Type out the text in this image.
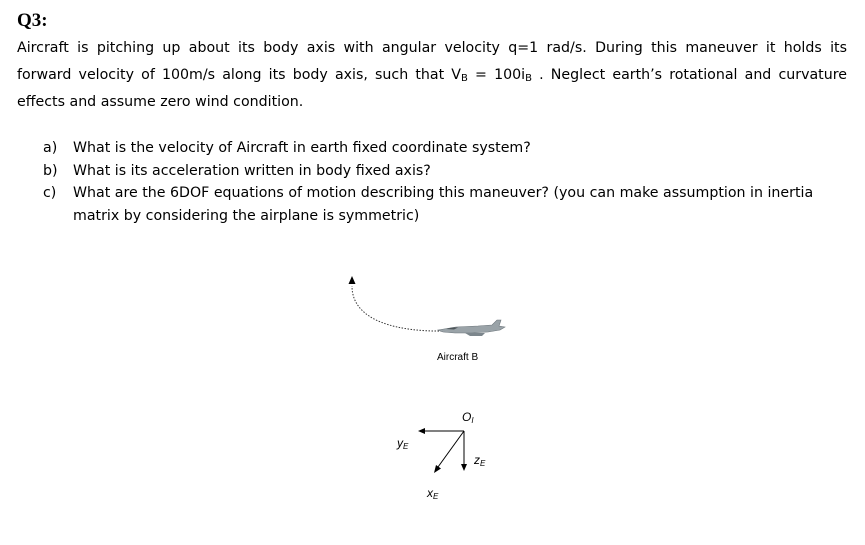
Q3:

Aircraft is pitching up about its body axis with angular velocity q=1 rad/s. During this maneuver it holds its

forward velocity of 100m/s along its body axis, such that $V_B = 100i_B$ . Neglect earth’s rotational and curvature

effects and assume zero wind condition.

a) What is the velocity of Aircraft in earth fixed coordinate system?
b) What is its acceleration written in body fixed axis?
c) What are the 6DOF equations of motion describing this maneuver? (you can make assumption in inertia
matrix by considering the airplane is symmetric)
Aircraft B
OI
yE
zE
xE
